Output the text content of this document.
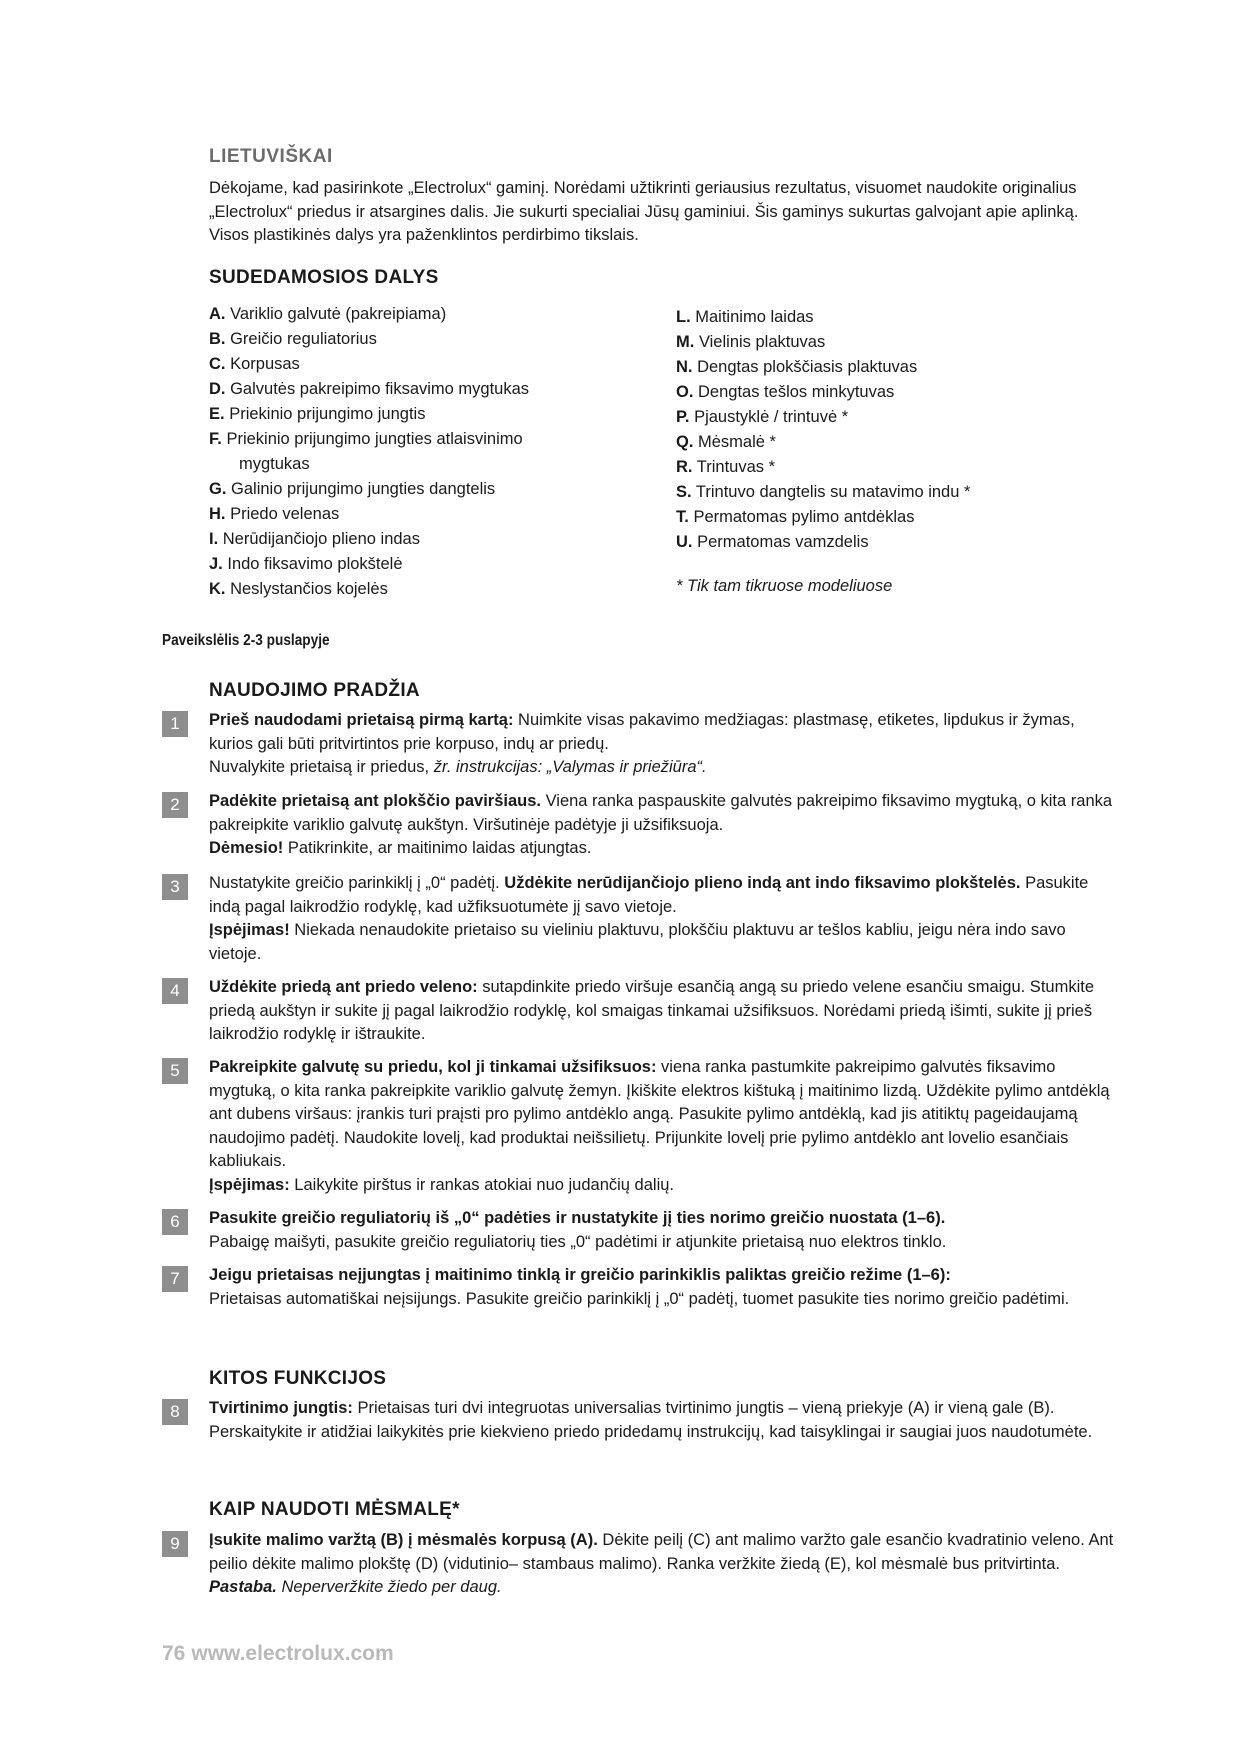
LIETUVIŠKAI
Dėkojame, kad pasirinkote „Electrolux“ gaminį. Norėdami užtikrinti geriausius rezultatus, visuomet naudokite originalius „Electrolux“ priedus ir atsargines dalis. Jie sukurti specialiai Jūsų gaminiui. Šis gaminys sukurtas galvojant apie aplinką. Visos plastikinės dalys yra paženklintos perdirbimo tikslais.
SUDEDAMOSIOS DALYS
A. Variklio galvutė (pakreipiama)
B. Greičio reguliatorius
C. Korpusas
D. Galvutės pakreipimo fiksavimo mygtukas
E. Priekinio prijungimo jungtis
F. Priekinio prijungimo jungties atlaisvinimo
mygtukas
G. Galinio prijungimo jungties dangtelis
H. Priedo velenas
I. Nerūdijančiojo plieno indas
J. Indo fiksavimo plokštelė
K. Neslystančios kojelės
L. Maitinimo laidas
M. Vielinis plaktuvas
N. Dengtas plokščiasis plaktuvas
O. Dengtas tešlos minkytuvas
P. Pjaustyklė / trintuvė *
Q. Mėsmalė *
R. Trintuvas *
S. Trintuvo dangtelis su matavimo indu *
T. Permatomas pylimo antdėklas
U. Permatomas vamzdelis
* Tik tam tikruose modeliuose
Paveikslėlis 2-3 puslapyje
NAUDOJIMO PRADŽIA
1	Prieš naudodami prietaisą pirmą kartą: Nuimkite visas pakavimo medžiagas: plastmasę, etiketes, lipdukus ir žymas, kurios gali būti pritvirtintos prie korpuso, indų ar priedų.

Nuvalykite prietaisą ir priedus, žr. instrukcijas: „Valymas ir priežiūra“.

2	Padėkite prietaisą ant plokščio paviršiaus. Viena ranka paspauskite galvutės pakreipimo fiksavimo mygtuką, o kita ranka pakreipkite variklio galvutę aukštyn. Viršutinėje padėtyje ji užsifiksuoja.

Dėmesio! Patikrinkite, ar maitinimo laidas atjungtas.

3	Nustatykite greičio parinkiklį į „0“ padėtį. Uždėkite nerūdijančiojo plieno indą ant indo fiksavimo plokštelės. Pasukite indą pagal laikrodžio rodyklę, kad užfiksuotumėte jį savo vietoje.

Įspėjimas! Niekada nenaudokite prietaiso su vieliniu plaktuvu, plokščiu plaktuvu ar tešlos kabliu, jeigu nėra indo savo vietoje.

4	Uždėkite priedą ant priedo veleno: sutapdinkite priedo viršuje esančią angą su priedo velene esančiu smaigu. Stumkite priedą aukštyn ir sukite jį pagal laikrodžio rodyklę, kol smaigas tinkamai užsifiksuos. Norėdami priedą išimti, sukite jį prieš laikrodžio rodyklę ir ištraukite.

5	Pakreipkite galvutę su priedu, kol ji tinkamai užsifiksuos: viena ranka pastumkite pakreipimo galvutės fiksavimo mygtuką, o kita ranka pakreipkite variklio galvutę žemyn. Įkiškite elektros kištuką į maitinimo lizdą. Uždėkite pylimo antdėklą ant dubens viršaus: įrankis turi praįsti pro pylimo antdėklo angą. Pasukite pylimo antdėklą, kad jis atitiktų pageidaujamą naudojimo padėtį. Naudokite lovelį, kad produktai neišsilietų. Prijunkite lovelį prie pylimo antdėklo ant lovelio esančiais kabliukais.

Įspėjimas: Laikykite pirštus ir rankas atokiai nuo judančių dalių.

6	Pasukite greičio reguliatorių iš „0“ padėties ir nustatykite jį ties norimo greičio nuostata (1–6).

Pabaigę maišyti, pasukite greičio reguliatorių ties „0“ padėtimi ir atjunkite prietaisą nuo elektros tinklo.

7	Jeigu prietaisas neįjungtas į maitinimo tinklą ir greičio parinkiklis paliktas greičio režime (1–6):

Prietaisas automatiškai neįsijungs. Pasukite greičio parinkiklį į „0“ padėtį, tuomet pasukite ties norimo greičio padėtimi.

KITOS FUNKCIJOS
8	Tvirtinimo jungtis: Prietaisas turi dvi integruotas universalias tvirtinimo jungtis – vieną priekyje (A) ir vieną gale (B). Perskaitykite ir atidžiai laikykitės prie kiekvieno priedo pridedamų instrukcijų, kad taisyklingai ir saugiai juos naudotumėte.

KAIP NAUDOTI MĖSMALĘ*
9	Įsukite malimo varžtą (B) į mėsmalės korpusą (A). Dėkite peilį (C) ant malimo varžto gale esančio kvadratinio veleno. Ant peilio dėkite malimo plokštę (D) (vidutinio– stambaus malimo). Ranka veržkite žiedą (E), kol mėsmalė bus pritvirtinta.

Pastaba. Neperveržkite žiedo per daug.

76 www.electrolux.com
